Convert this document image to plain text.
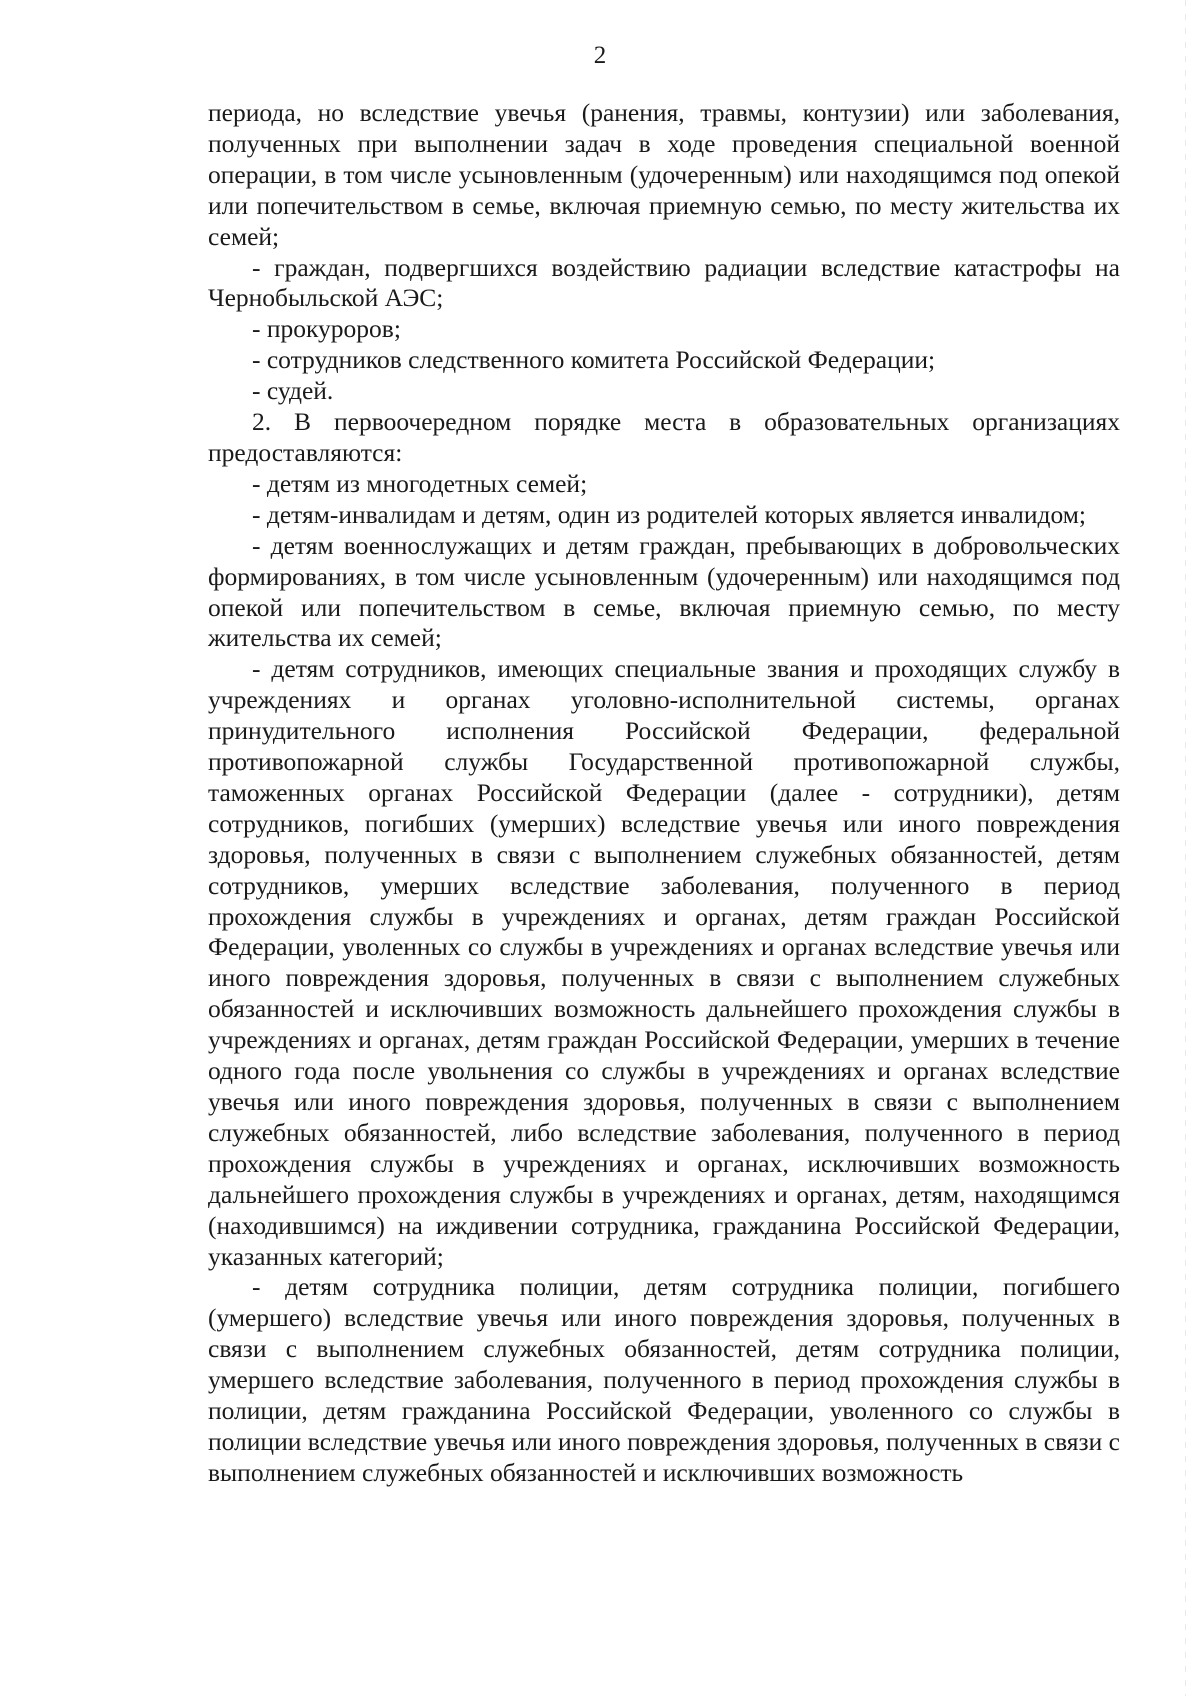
2

периода, но вследствие увечья (ранения, травмы, контузии) или заболевания, полученных при выполнении задач в ходе проведения специальной военной операции, в том числе усыновленным (удочеренным) или находящимся под опекой или попечительством в семье, включая приемную семью, по месту жительства их семей;

- граждан, подвергшихся воздействию радиации вследствие катастрофы на Чернобыльской АЭС;

- прокуроров;

- сотрудников следственного комитета Российской Федерации;

- судей.

2. В первоочередном порядке места в образовательных организациях предоставляются:

- детям из многодетных семей;

- детям-инвалидам и детям, один из родителей которых является инвалидом;

- детям военнослужащих и детям граждан, пребывающих в добровольческих формированиях, в том числе усыновленным (удочеренным) или находящимся под опекой или попечительством в семье, включая приемную семью, по месту жительства их семей;

- детям сотрудников, имеющих специальные звания и проходящих службу в учреждениях и органах уголовно-исполнительной системы, органах принудительного исполнения Российской Федерации, федеральной противопожарной службы Государственной противопожарной службы, таможенных органах Российской Федерации (далее - сотрудники), детям сотрудников, погибших (умерших) вследствие увечья или иного повреждения здоровья, полученных в связи с выполнением служебных обязанностей, детям сотрудников, умерших вследствие заболевания, полученного в период прохождения службы в учреждениях и органах, детям граждан Российской Федерации, уволенных со службы в учреждениях и органах вследствие увечья или иного повреждения здоровья, полученных в связи с выполнением служебных обязанностей и исключивших возможность дальнейшего прохождения службы в учреждениях и органах, детям граждан Российской Федерации, умерших в течение одного года после увольнения со службы в учреждениях и органах вследствие увечья или иного повреждения здоровья, полученных в связи с выполнением служебных обязанностей, либо вследствие заболевания, полученного в период прохождения службы в учреждениях и органах, исключивших возможность дальнейшего прохождения службы в учреждениях и органах, детям, находящимся (находившимся) на иждивении сотрудника, гражданина Российской Федерации, указанных категорий;

- детям сотрудника полиции, детям сотрудника полиции, погибшего (умершего) вследствие увечья или иного повреждения здоровья, полученных в связи с выполнением служебных обязанностей, детям сотрудника полиции, умершего вследствие заболевания, полученного в период прохождения службы в полиции, детям гражданина Российской Федерации, уволенного со службы в полиции вследствие увечья или иного повреждения здоровья, полученных в связи с выполнением служебных обязанностей и исключивших возможность
